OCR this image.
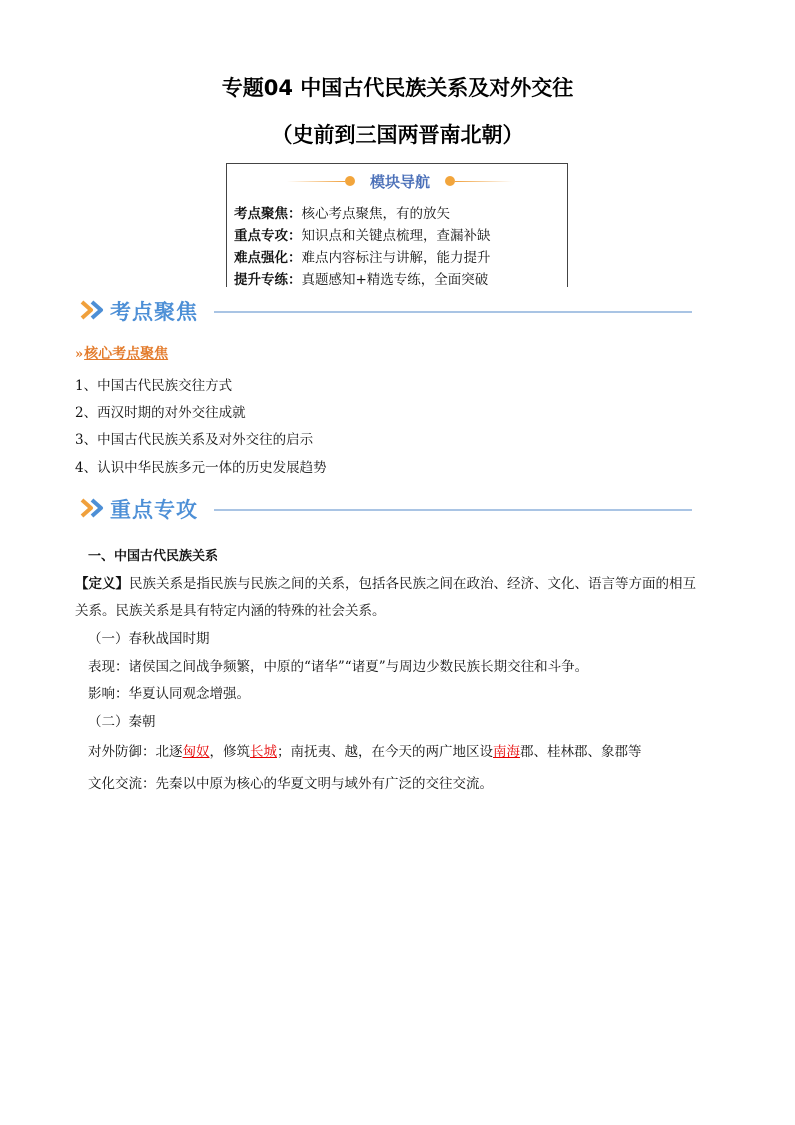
专题04 中国古代民族关系及对外交往
（史前到三国两晋南北朝）
模块导航
考点聚焦：核心考点聚焦，有的放矢
重点专攻：知识点和关键点梳理，查漏补缺
难点强化：难点内容标注与讲解，能力提升
提升专练：真题感知+精选专练，全面突破
考点聚焦
» 核心考点聚焦
1、中国古代民族交往方式
2、西汉时期的对外交往成就
3、中国古代民族关系及对外交往的启示
4、认识中华民族多元一体的历史发展趋势
重点专攻
一、中国古代民族关系
【定义】民族关系是指民族与民族之间的关系，包括各民族之间在政治、经济、文化、语言等方面的相互
关系。民族关系是具有特定内涵的特殊的社会关系。
（一）春秋战国时期
表现：诸侯国之间战争频繁，中原的“诸华”“诸夏”与周边少数民族长期交往和斗争。
影响：华夏认同观念增强。
（二）秦朝
对外防御：北逐匈奴，修筑长城；南抚夷、越，在今天的两广地区设南海郡、桂林郡、象郡等
文化交流：先秦以中原为核心的华夏文明与域外有广泛的交往交流。
